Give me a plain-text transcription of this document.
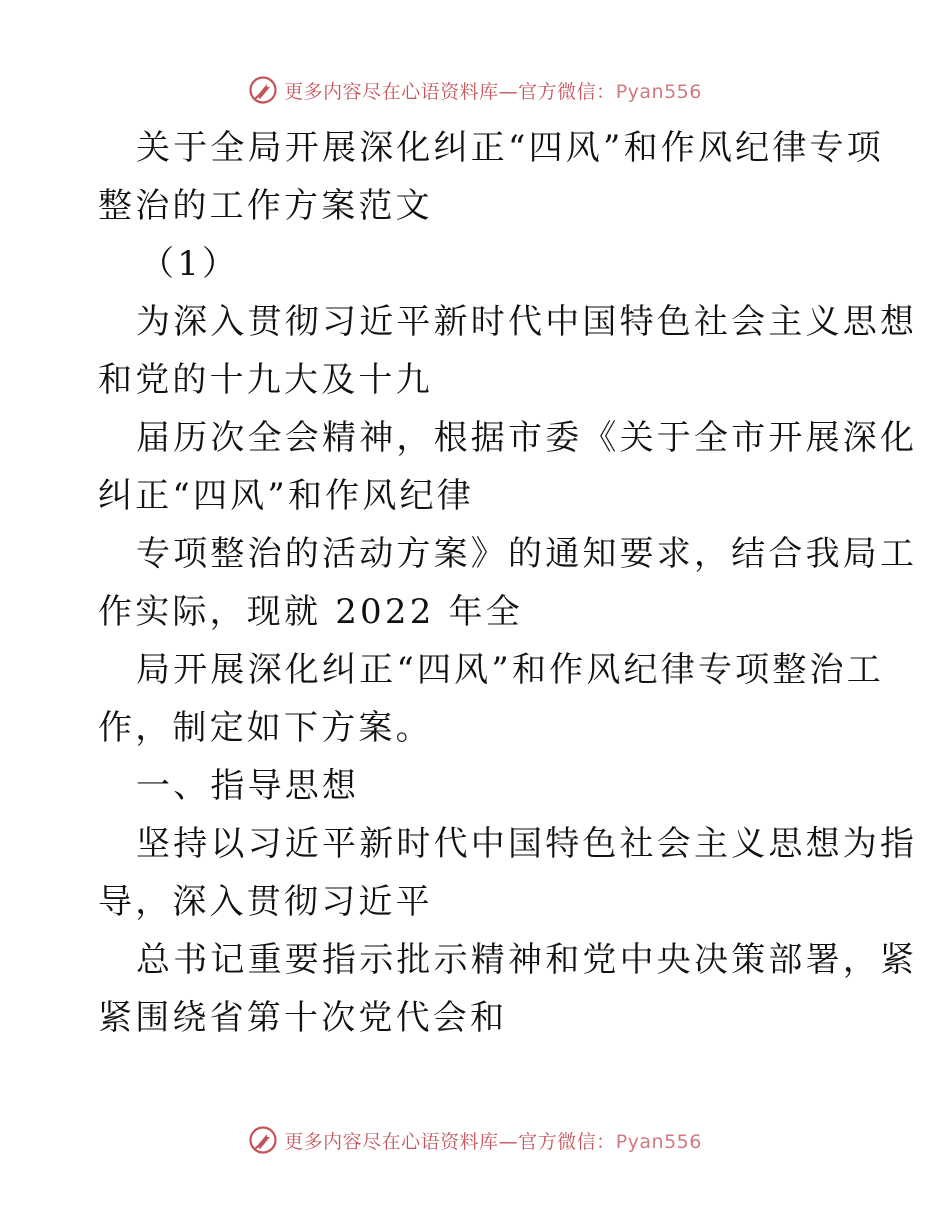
更多内容尽在心语资料库—官方微信：Pyan556
关于全局开展深化纠正“四风”和作风纪律专项
整治的工作方案范文
（1）
为深入贯彻习近平新时代中国特色社会主义思想
和党的十九大及十九
届历次全会精神，根据市委《关于全市开展深化
纠正“四风”和作风纪律
专项整治的活动方案》的通知要求，结合我局工
作实际，现就 2022 年全
局开展深化纠正“四风”和作风纪律专项整治工
作，制定如下方案。
一、指导思想
坚持以习近平新时代中国特色社会主义思想为指
导，深入贯彻习近平
总书记重要指示批示精神和党中央决策部署，紧
紧围绕省第十次党代会和
更多内容尽在心语资料库—官方微信：Pyan556
